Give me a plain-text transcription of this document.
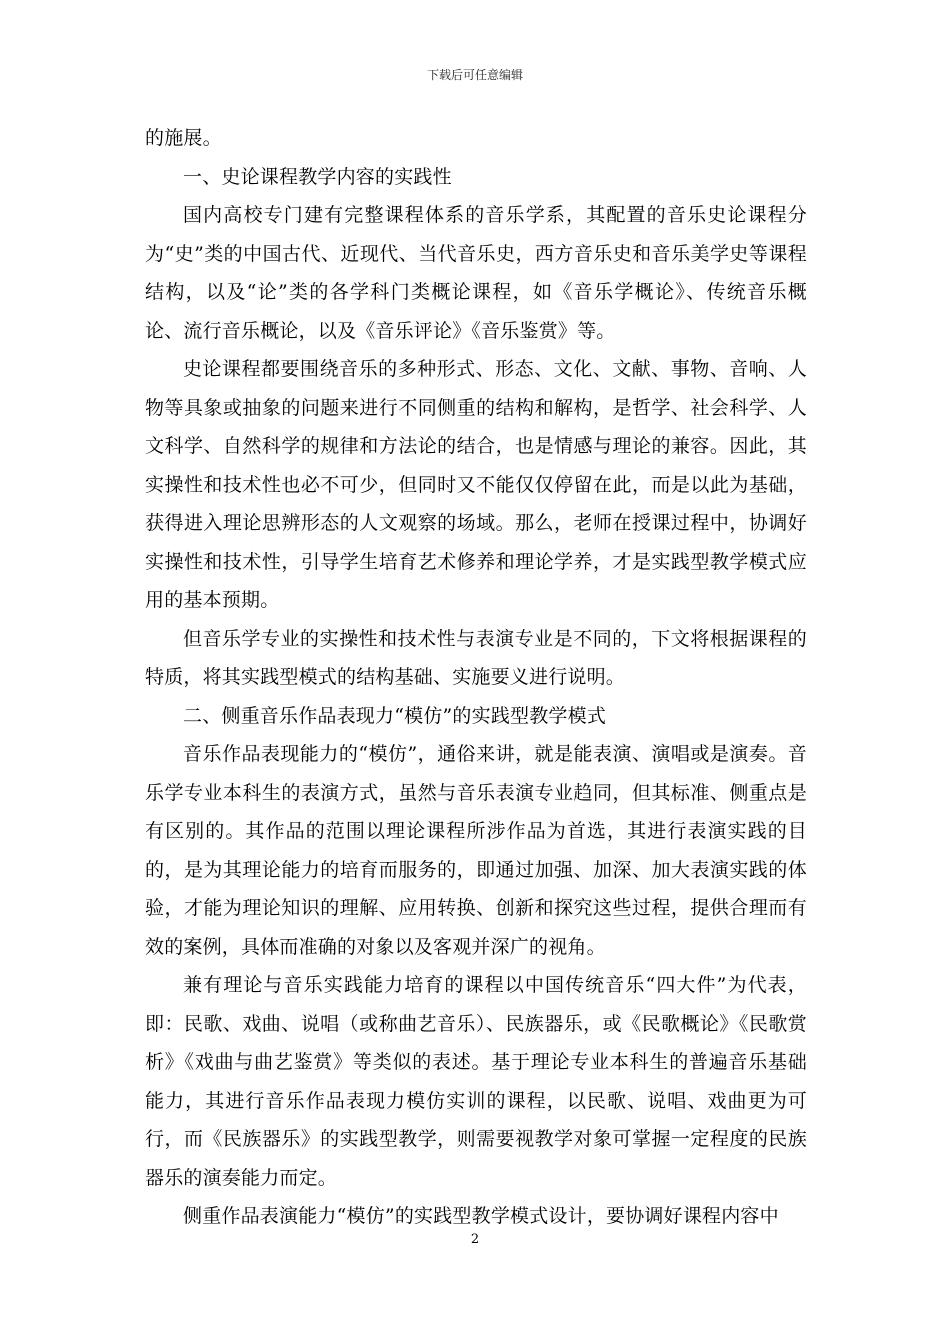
下载后可任意编辑

的施展。

一、史论课程教学内容的实践性

国内高校专门建有完整课程体系的音乐学系，其配置的音乐史论课程分为“史”类的中国古代、近现代、当代音乐史，西方音乐史和音乐美学史等课程结构，以及“论”类的各学科门类概论课程，如《音乐学概论》、传统音乐概论、流行音乐概论，以及《音乐评论》《音乐鉴赏》等。

史论课程都要围绕音乐的多种形式、形态、文化、文献、事物、音响、人物等具象或抽象的问题来进行不同侧重的结构和解构，是哲学、社会科学、人文科学、自然科学的规律和方法论的结合，也是情感与理论的兼容。因此，其实操性和技术性也必不可少，但同时又不能仅仅停留在此，而是以此为基础，获得进入理论思辨形态的人文观察的场域。那么，老师在授课过程中，协调好实操性和技术性，引导学生培育艺术修养和理论学养，才是实践型教学模式应用的基本预期。

但音乐学专业的实操性和技术性与表演专业是不同的，下文将根据课程的特质，将其实践型模式的结构基础、实施要义进行说明。

二、侧重音乐作品表现力“模仿”的实践型教学模式

音乐作品表现能力的“模仿”，通俗来讲，就是能表演、演唱或是演奏。音乐学专业本科生的表演方式，虽然与音乐表演专业趋同，但其标准、侧重点是有区别的。其作品的范围以理论课程所涉作品为首选，其进行表演实践的目的，是为其理论能力的培育而服务的，即通过加强、加深、加大表演实践的体验，才能为理论知识的理解、应用转换、创新和探究这些过程，提供合理而有效的案例，具体而准确的对象以及客观并深广的视角。

兼有理论与音乐实践能力培育的课程以中国传统音乐“四大件”为代表，即：民歌、戏曲、说唱（或称曲艺音乐）、民族器乐，或《民歌概论》《民歌赏析》《戏曲与曲艺鉴赏》等类似的表述。基于理论专业本科生的普遍音乐基础能力，其进行音乐作品表现力模仿实训的课程，以民歌、说唱、戏曲更为可行，而《民族器乐》的实践型教学，则需要视教学对象可掌握一定程度的民族器乐的演奏能力而定。

侧重作品表演能力“模仿”的实践型教学模式设计，要协调好课程内容中

2
